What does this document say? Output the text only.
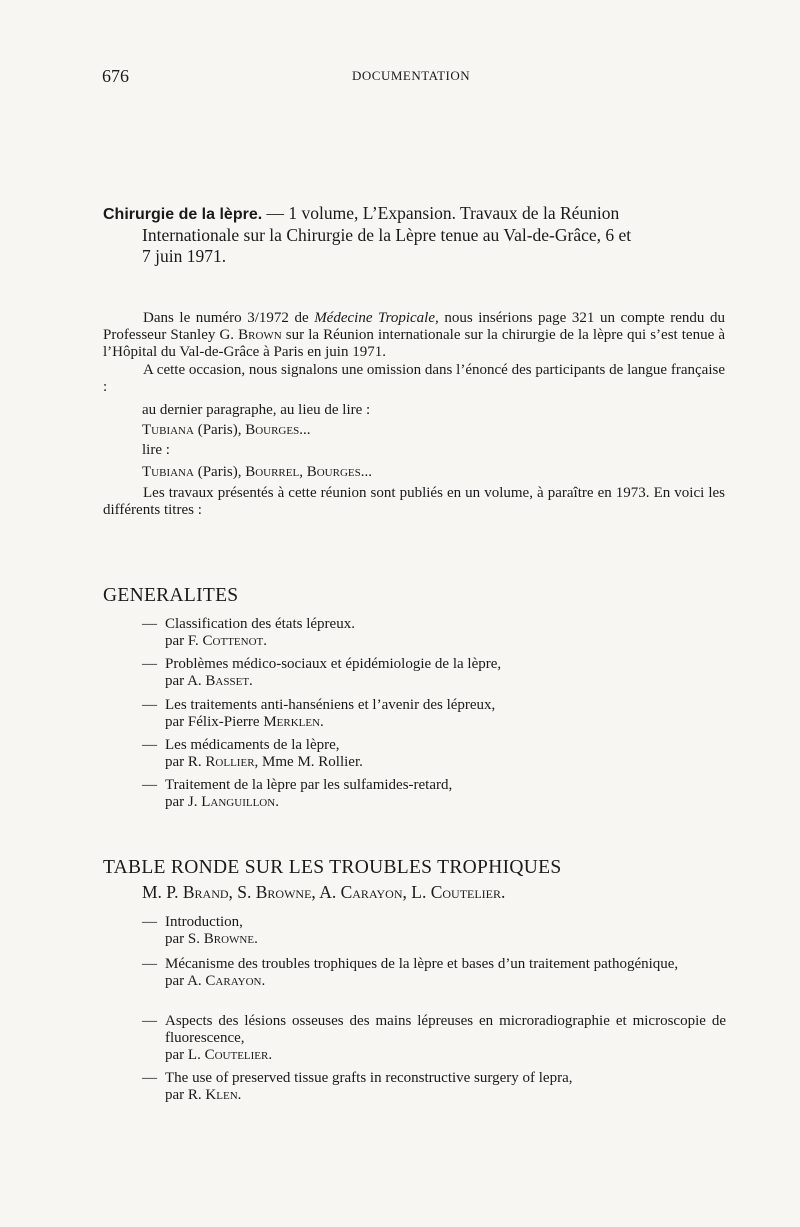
676	DOCUMENTATION
Chirurgie de la lèpre. — 1 volume, L’Expansion. Travaux de la Réunion
Internationale sur la Chirurgie de la Lèpre tenue au Val-de-Grâce, 6 et
7 juin 1971.
Dans le numéro 3/1972 de Médecine Tropicale, nous insérions page 321 un compte rendu du Professeur Stanley G. Brown sur la Réunion internationale sur la chirurgie de la lèpre qui s’est tenue à l’Hôpital du Val-de-Grâce à Paris en juin 1971.
A cette occasion, nous signalons une omission dans l’énoncé des participants de langue française :
au dernier paragraphe, au lieu de lire :
Tubiana (Paris), Bourges...
lire :
Tubiana (Paris), Bourrel, Bourges...
Les travaux présentés à cette réunion sont publiés en un volume, à paraître en 1973. En voici les différents titres :
GENERALITES
— Classification des états lépreux.
par F. Cottenot.
— Problèmes médico-sociaux et épidémiologie de la lèpre,
par A. Basset.
— Les traitements anti-hanséniens et l’avenir des lépreux,
par Félix-Pierre Merklen.
— Les médicaments de la lèpre,
par R. Rollier, Mme M. Rollier.
— Traitement de la lèpre par les sulfamides-retard,
par J. Languillon.
TABLE RONDE SUR LES TROUBLES TROPHIQUES
M. P. Brand, S. Browne, A. Carayon, L. Coutelier.
— Introduction,
par S. Browne.
— Mécanisme des troubles trophiques de la lèpre et bases d’un traitement pathogénique,
par A. Carayon.
— Aspects des lésions osseuses des mains lépreuses en microradiographie et microscopie de fluorescence,
par L. Coutelier.
— The use of preserved tissue grafts in reconstructive surgery of lepra,
par R. Klen.
